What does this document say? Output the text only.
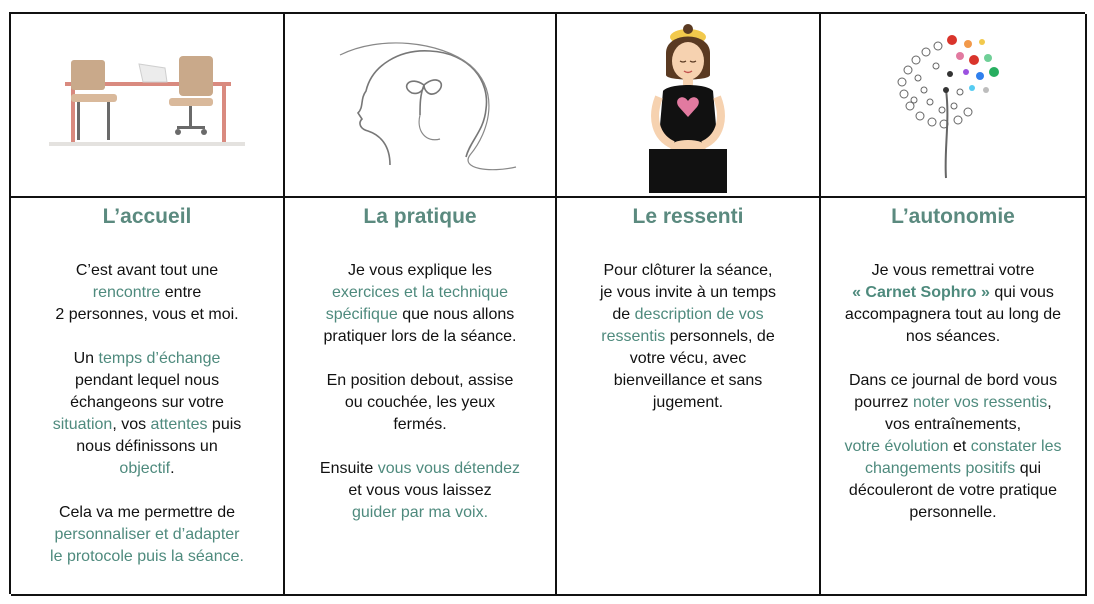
L’accueil

C’est avant tout une
rencontre entre
2 personnes, vous et moi.

Un temps d’échange
pendant lequel nous
échangeons sur votre
situation, vos attentes puis
nous définissons un
objectif.

Cela va me permettre de
personnaliser et d’adapter
le protocole puis la séance.

La pratique

Je vous explique les
exercices et la technique
spécifique que nous allons
pratiquer lors de la séance.

En position debout, assise
ou couchée, les yeux
fermés.

Ensuite vous vous détendez
et vous vous laissez
guider par ma voix.

Le ressenti

Pour clôturer la séance,
je vous invite à un temps
de description de vos
ressentis personnels, de
votre vécu, avec
bienveillance et sans
jugement.

L’autonomie

Je vous remettrai votre
« Carnet Sophro » qui vous
accompagnera tout au long de
nos séances.

Dans ce journal de bord vous
pourrez noter vos ressentis,
vos entraînements,
votre évolution et constater les
changements positifs qui
découleront de votre pratique
personnelle.
